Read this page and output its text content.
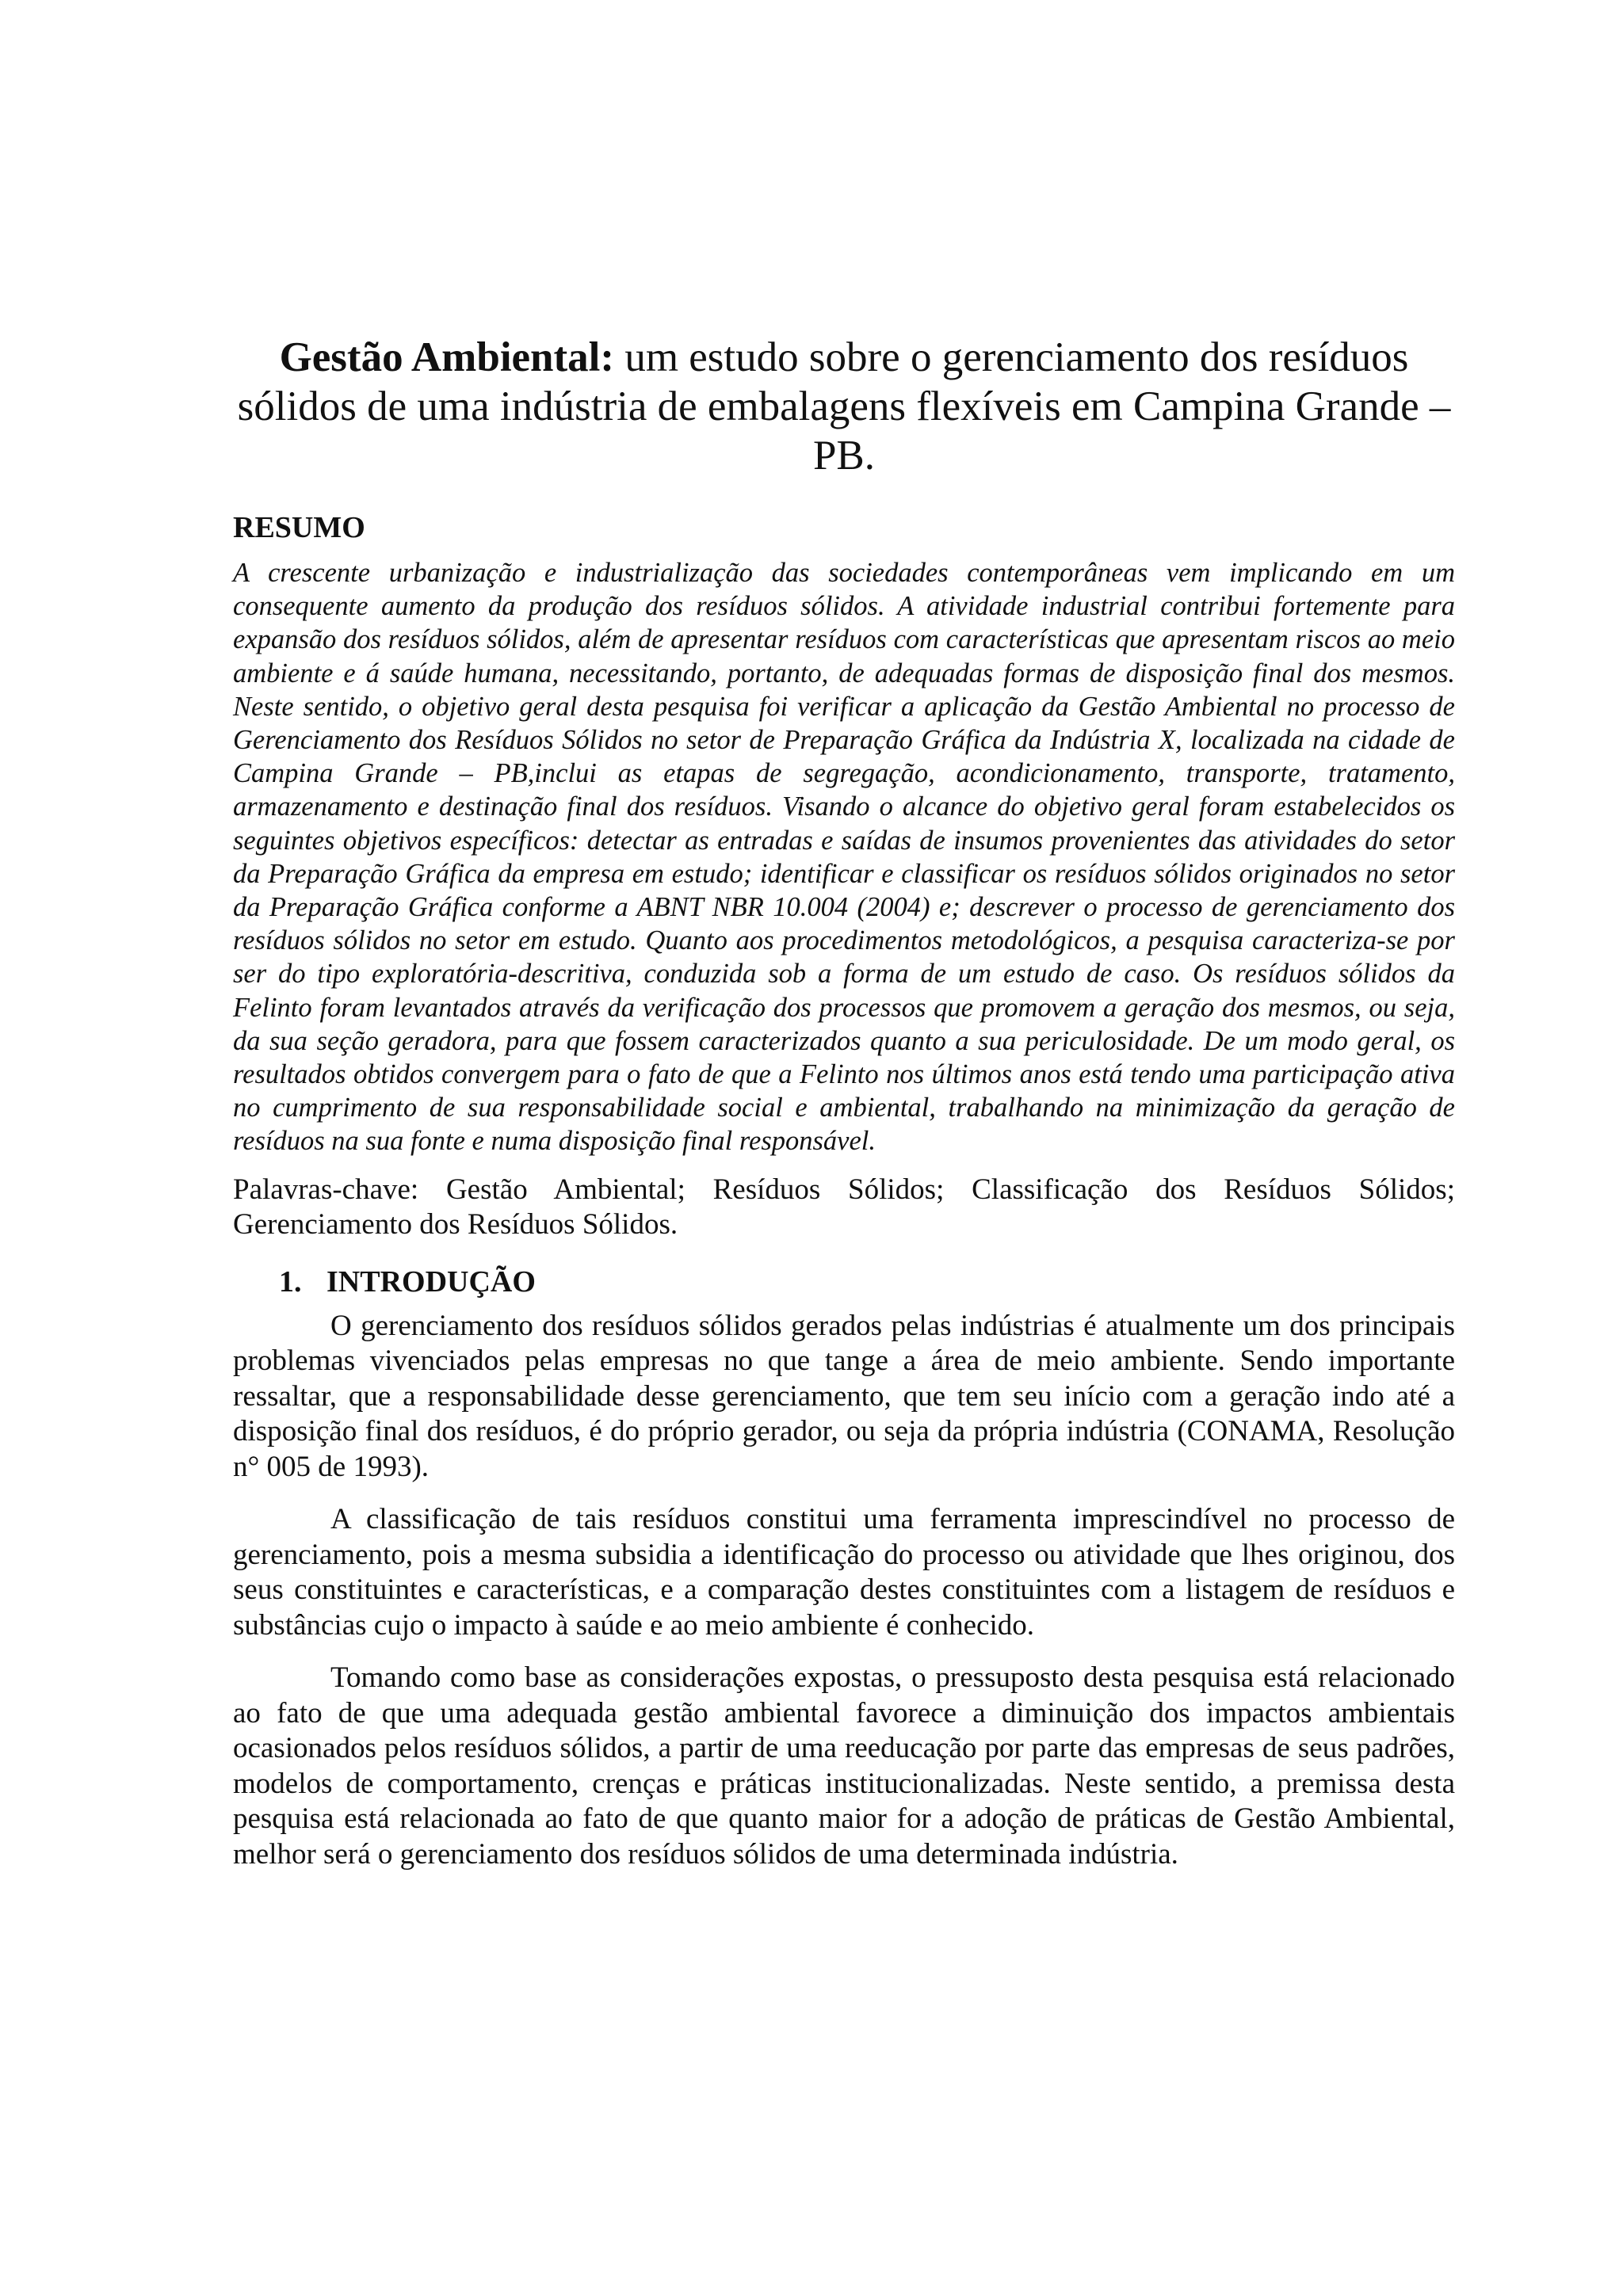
Gestão Ambiental: um estudo sobre o gerenciamento dos resíduos sólidos de uma indústria de embalagens flexíveis em Campina Grande – PB.
RESUMO

A crescente urbanização e industrialização das sociedades contemporâneas vem implicando em um consequente aumento da produção dos resíduos sólidos. A atividade industrial contribui fortemente para expansão dos resíduos sólidos, além de apresentar resíduos com características que apresentam riscos ao meio ambiente e á saúde humana, necessitando, portanto, de adequadas formas de disposição final dos mesmos. Neste sentido, o objetivo geral desta pesquisa foi verificar a aplicação da Gestão Ambiental no processo de Gerenciamento dos Resíduos Sólidos no setor de Preparação Gráfica da Indústria X, localizada na cidade de Campina Grande – PB,inclui as etapas de segregação, acondicionamento, transporte, tratamento, armazenamento e destinação final dos resíduos. Visando o alcance do objetivo geral foram estabelecidos os seguintes objetivos específicos: detectar as entradas e saídas de insumos provenientes das atividades do setor da Preparação Gráfica da empresa em estudo; identificar e classificar os resíduos sólidos originados no setor da Preparação Gráfica conforme a ABNT NBR 10.004 (2004) e; descrever o processo de gerenciamento dos resíduos sólidos no setor em estudo. Quanto aos procedimentos metodológicos, a pesquisa caracteriza-se por ser do tipo exploratória-descritiva, conduzida sob a forma de um estudo de caso. Os resíduos sólidos da Felinto foram levantados através da verificação dos processos que promovem a geração dos mesmos, ou seja, da sua seção geradora, para que fossem caracterizados quanto a sua periculosidade. De um modo geral, os resultados obtidos convergem para o fato de que a Felinto nos últimos anos está tendo uma participação ativa no cumprimento de sua responsabilidade social e ambiental, trabalhando na minimização da geração de resíduos na sua fonte e numa disposição final responsável.

Palavras-chave: Gestão Ambiental; Resíduos Sólidos; Classificação dos Resíduos Sólidos; Gerenciamento dos Resíduos Sólidos.

1. INTRODUÇÃO

O gerenciamento dos resíduos sólidos gerados pelas indústrias é atualmente um dos principais problemas vivenciados pelas empresas no que tange a área de meio ambiente. Sendo importante ressaltar, que a responsabilidade desse gerenciamento, que tem seu início com a geração indo até a disposição final dos resíduos, é do próprio gerador, ou seja da própria indústria (CONAMA, Resolução n° 005 de 1993).

A classificação de tais resíduos constitui uma ferramenta imprescindível no processo de gerenciamento, pois a mesma subsidia a identificação do processo ou atividade que lhes originou, dos seus constituintes e características, e a comparação destes constituintes com a listagem de resíduos e substâncias cujo o impacto à saúde e ao meio ambiente é conhecido.

Tomando como base as considerações expostas, o pressuposto desta pesquisa está relacionado ao fato de que uma adequada gestão ambiental favorece a diminuição dos impactos ambientais ocasionados pelos resíduos sólidos, a partir de uma reeducação por parte das empresas de seus padrões, modelos de comportamento, crenças e práticas institucionalizadas. Neste sentido, a premissa desta pesquisa está relacionada ao fato de que quanto maior for a adoção de práticas de Gestão Ambiental, melhor será o gerenciamento dos resíduos sólidos de uma determinada indústria.
